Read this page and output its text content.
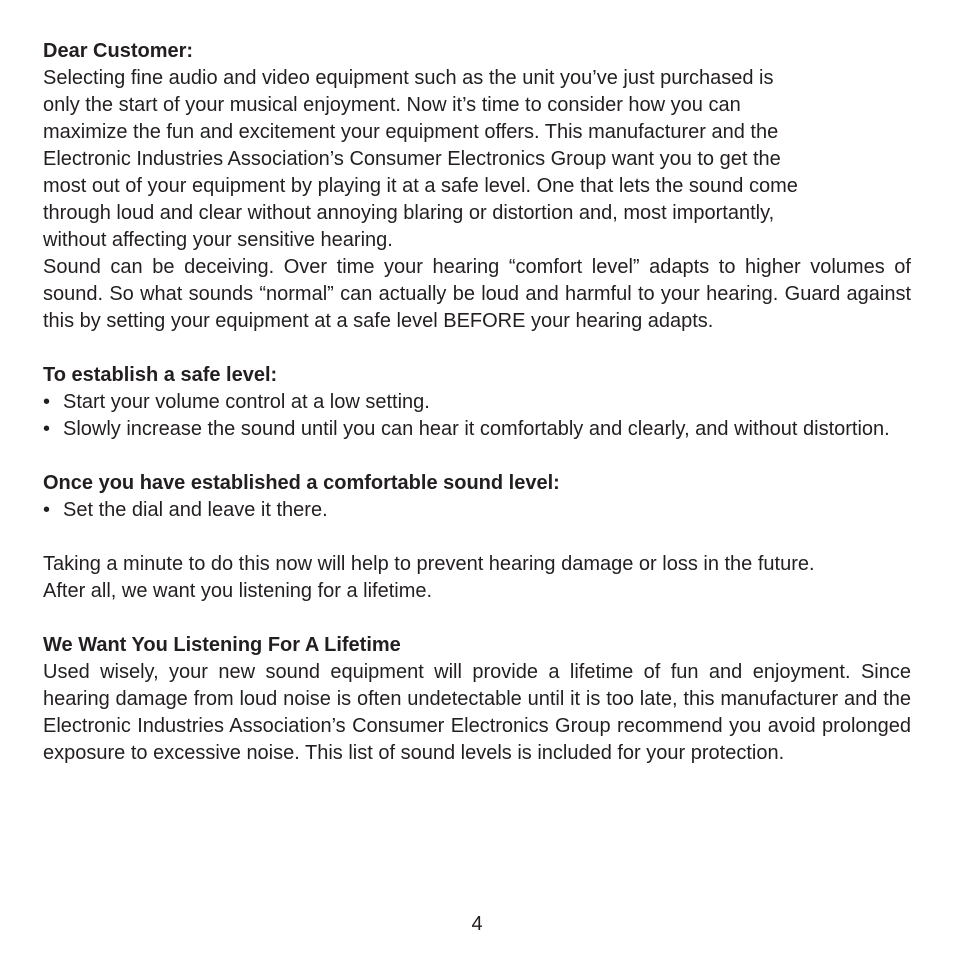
Dear Customer:

Selecting fine audio and video equipment such as the unit you’ve just purchased is
only the start of your musical enjoyment. Now it’s time to consider how you can
maximize the fun and excitement your equipment offers. This manufacturer and the
Electronic Industries Association’s Consumer Electronics Group want you to get the
most out of your equipment by playing it at a safe level. One that lets the sound come
through loud and clear without annoying blaring or distortion and, most importantly,
without affecting your sensitive hearing.

Sound can be deceiving. Over time your hearing “comfort level” adapts to higher volumes of sound. So what sounds “normal” can actually be loud and harmful to your hearing. Guard against this by setting your equipment at a safe level BEFORE your hearing adapts.

To establish a safe level:

• Start your volume control at a low setting.
• Slowly increase the sound until you can hear it comfortably and clearly, and without distortion.

Once you have established a comfortable sound level:

• Set the dial and leave it there.
Taking a minute to do this now will help to prevent hearing damage or loss in the future.
After all, we want you listening for a lifetime.

We Want You Listening For A Lifetime

Used wisely, your new sound equipment will provide a lifetime of fun and enjoyment. Since hearing damage from loud noise is often undetectable until it is too late, this manufacturer and the Electronic Industries Association’s Consumer Electronics Group recommend you avoid prolonged exposure to excessive noise. This list of sound levels is included for your protection.

4
